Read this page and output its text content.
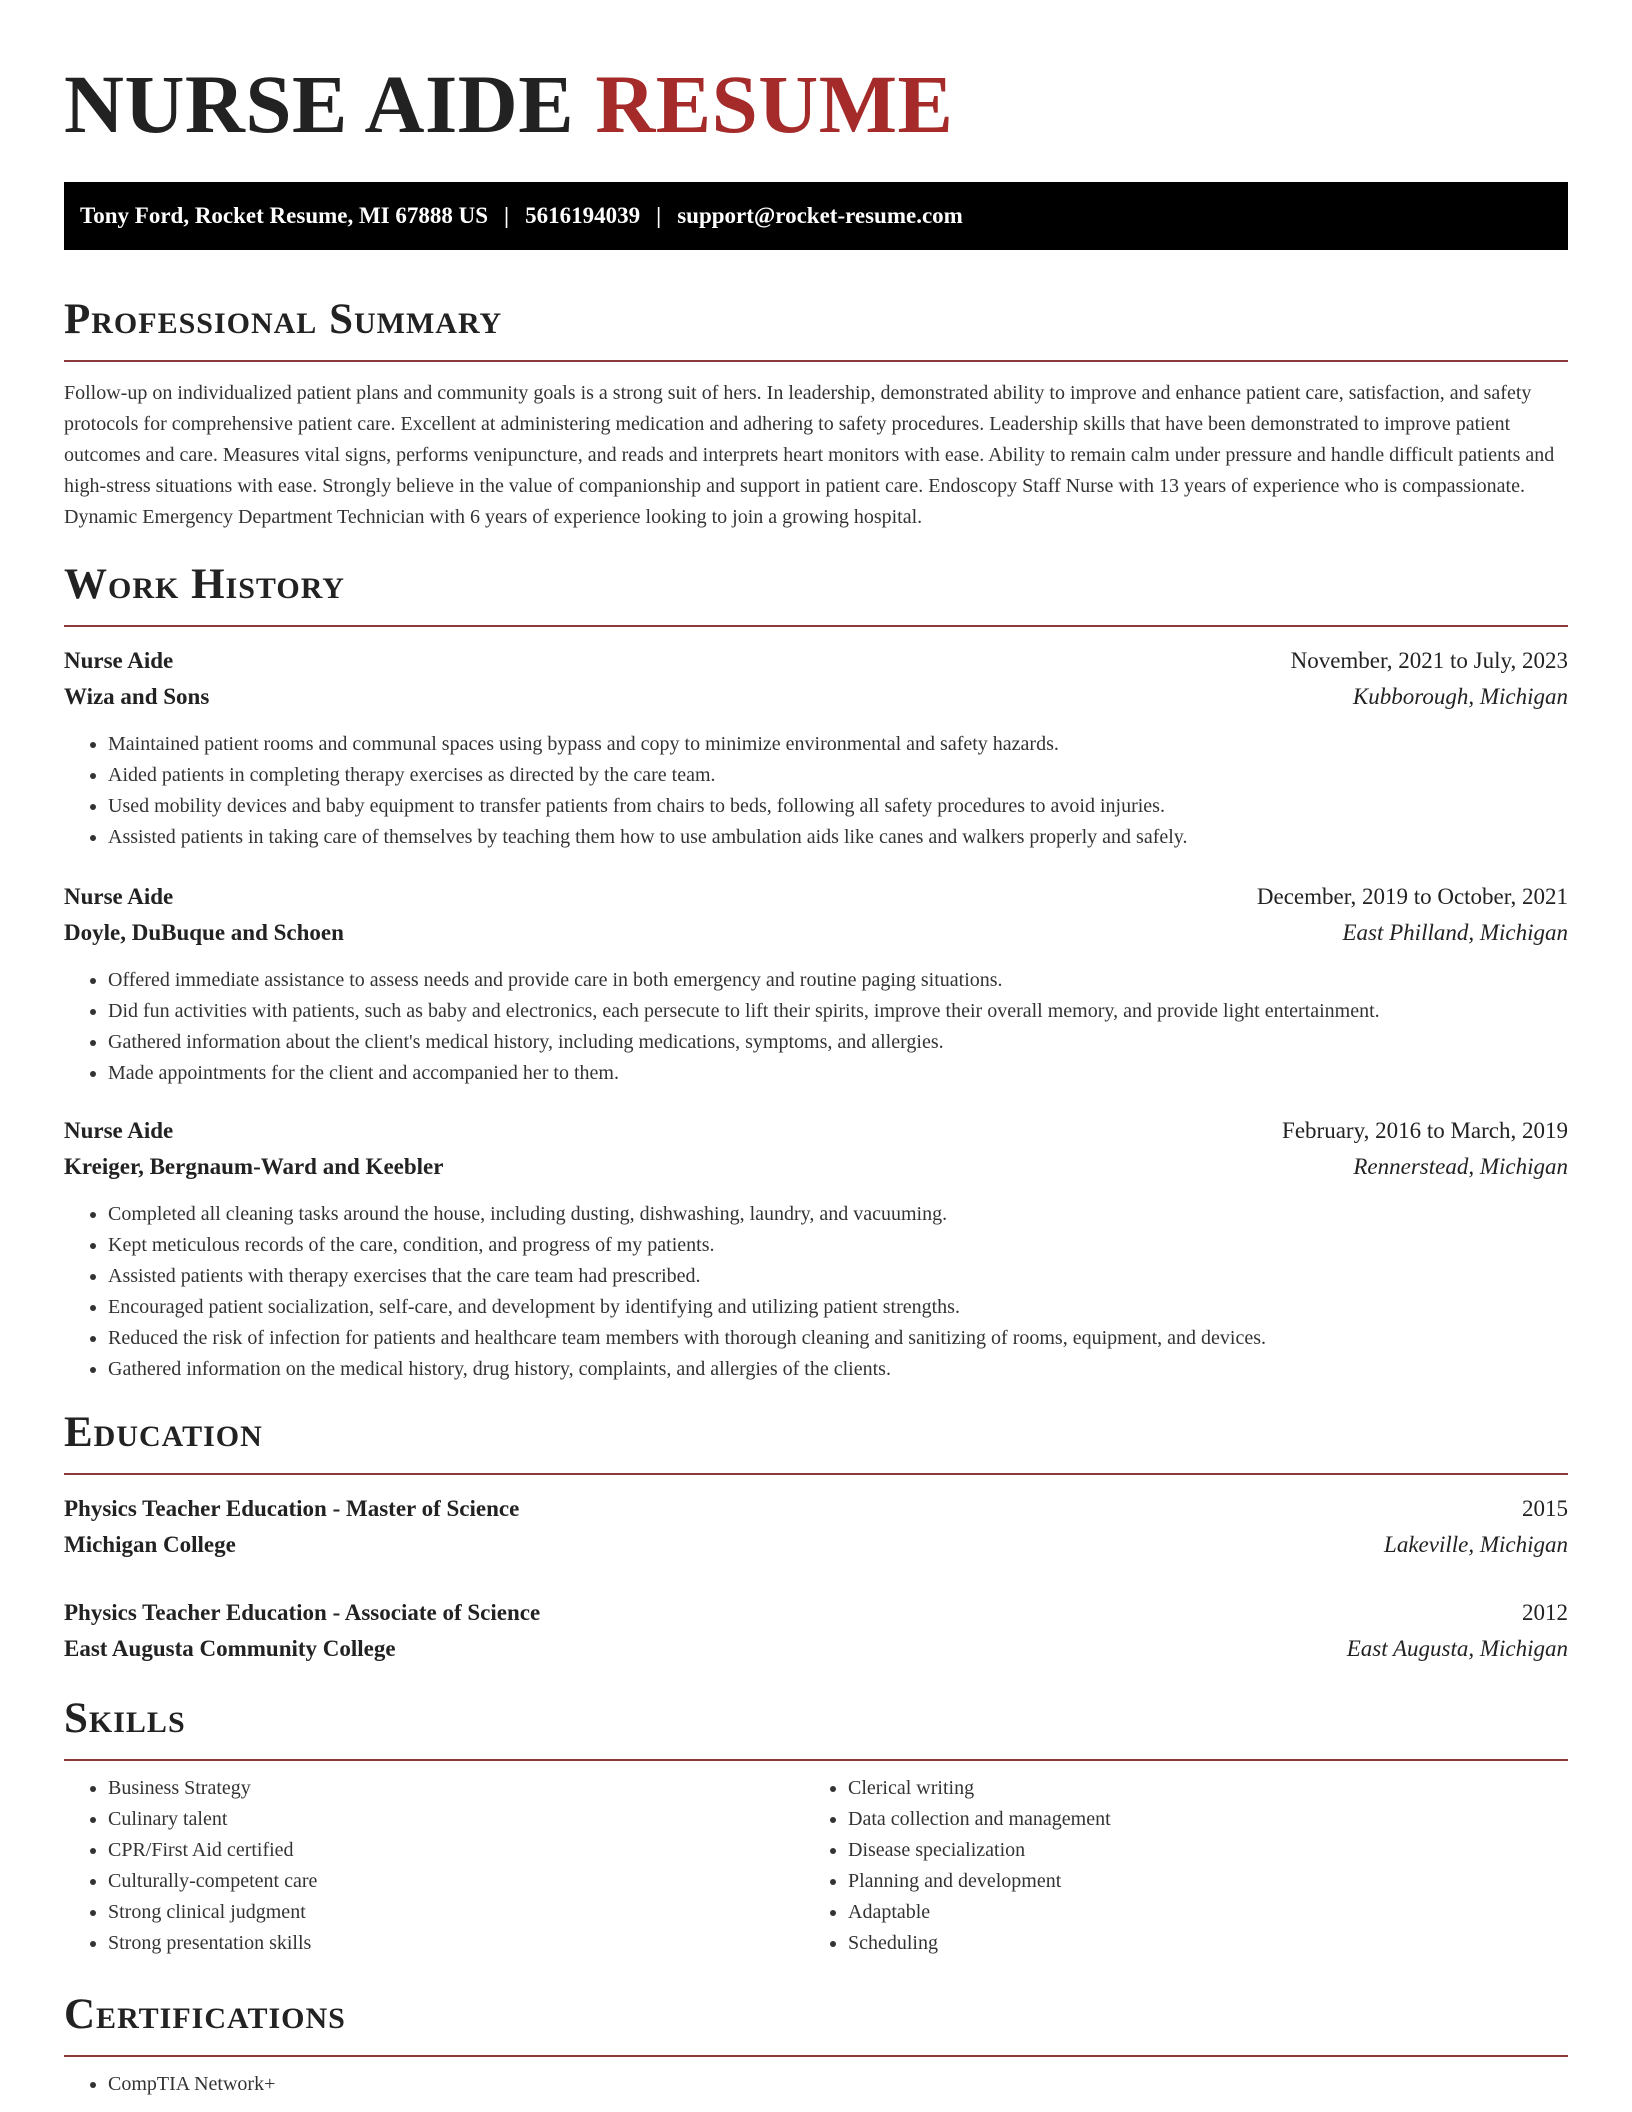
NURSE AIDE RESUME
Tony Ford, Rocket Resume, MI 67888 US | 5616194039 | support@rocket-resume.com
Professional Summary

Follow-up on individualized patient plans and community goals is a strong suit of hers. In leadership, demonstrated ability to improve and enhance patient care, satisfaction, and safety protocols for comprehensive patient care. Excellent at administering medication and adhering to safety procedures. Leadership skills that have been demonstrated to improve patient outcomes and care. Measures vital signs, performs venipuncture, and reads and interprets heart monitors with ease. Ability to remain calm under pressure and handle difficult patients and high-stress situations with ease. Strongly believe in the value of companionship and support in patient care. Endoscopy Staff Nurse with 13 years of experience who is compassionate. Dynamic Emergency Department Technician with 6 years of experience looking to join a growing hospital.

Work History
Nurse Aide	November, 2021 to July, 2023
Wiza and Sons	Kubborough, Michigan
• Maintained patient rooms and communal spaces using bypass and copy to minimize environmental and safety hazards.
• Aided patients in completing therapy exercises as directed by the care team.
• Used mobility devices and baby equipment to transfer patients from chairs to beds, following all safety procedures to avoid injuries.
• Assisted patients in taking care of themselves by teaching them how to use ambulation aids like canes and walkers properly and safely.
Nurse Aide	December, 2019 to October, 2021
Doyle, DuBuque and Schoen	East Philland, Michigan
• Offered immediate assistance to assess needs and provide care in both emergency and routine paging situations.
• Did fun activities with patients, such as baby and electronics, each persecute to lift their spirits, improve their overall memory, and provide light entertainment.
• Gathered information about the client's medical history, including medications, symptoms, and allergies.
• Made appointments for the client and accompanied her to them.
Nurse Aide	February, 2016 to March, 2019
Kreiger, Bergnaum-Ward and Keebler	Rennerstead, Michigan
• Completed all cleaning tasks around the house, including dusting, dishwashing, laundry, and vacuuming.
• Kept meticulous records of the care, condition, and progress of my patients.
• Assisted patients with therapy exercises that the care team had prescribed.
• Encouraged patient socialization, self-care, and development by identifying and utilizing patient strengths.
• Reduced the risk of infection for patients and healthcare team members with thorough cleaning and sanitizing of rooms, equipment, and devices.
• Gathered information on the medical history, drug history, complaints, and allergies of the clients.
Education
Physics Teacher Education - Master of Science	2015
Michigan College	Lakeville, Michigan
Physics Teacher Education - Associate of Science	2012
East Augusta Community College	East Augusta, Michigan
Skills
• Business Strategy
• Culinary talent
• CPR/First Aid certified
• Culturally-competent care
• Strong clinical judgment
• Strong presentation skills
• Clerical writing
• Data collection and management
• Disease specialization
• Planning and development
• Adaptable
• Scheduling
Certifications
• CompTIA Network+
